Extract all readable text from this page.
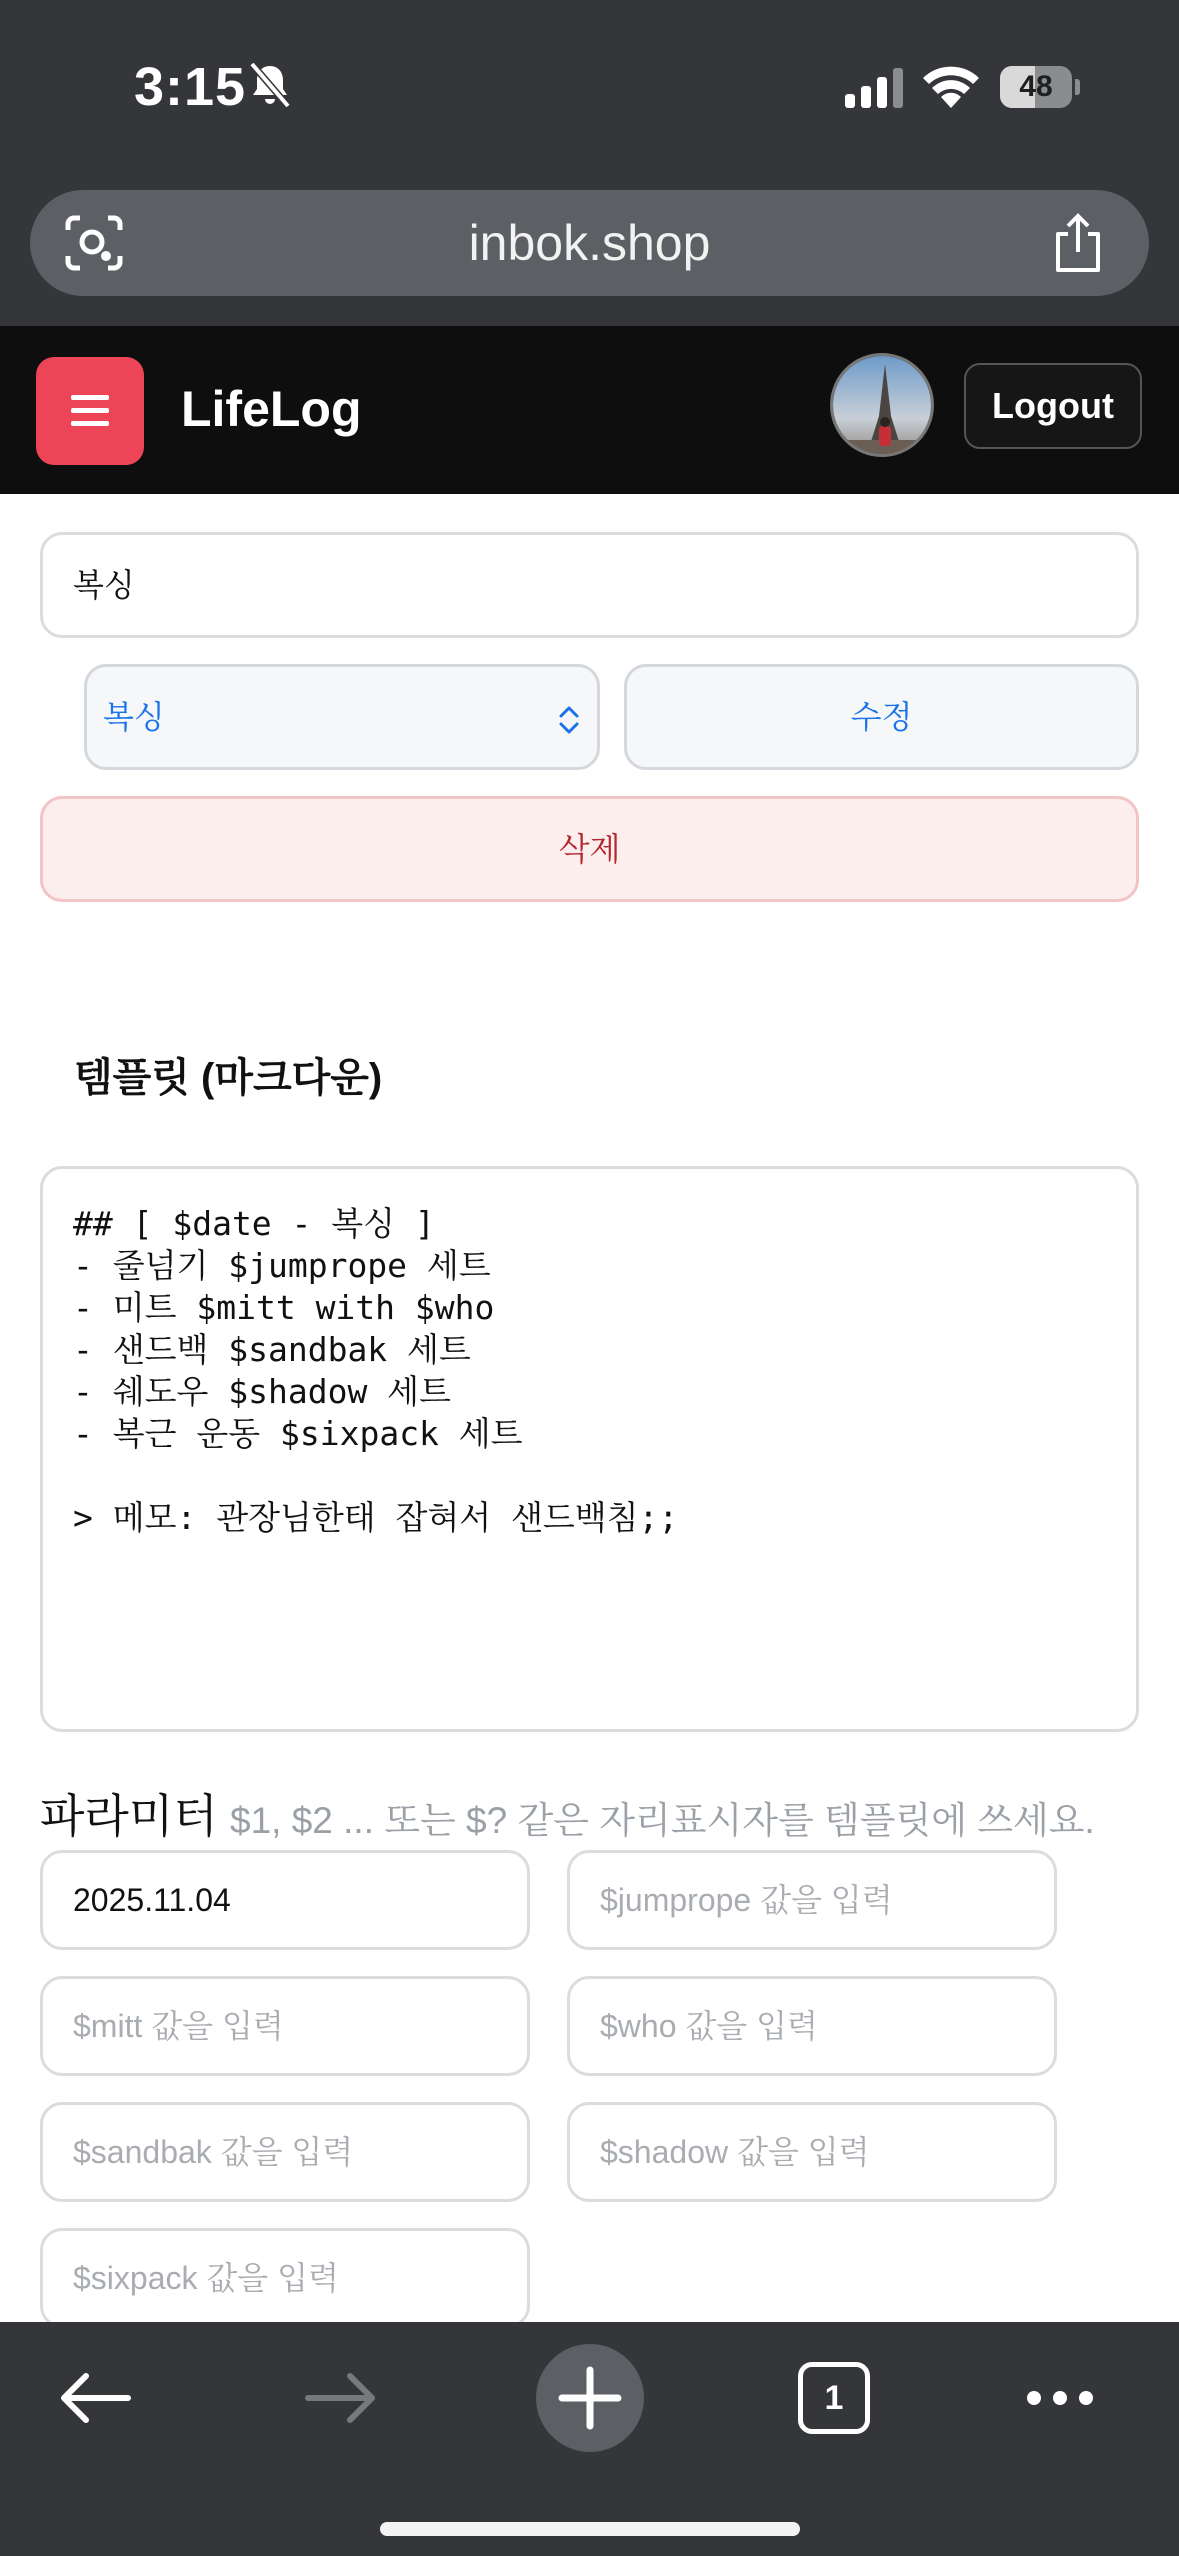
3:15	48
inbok.shop
LifeLog	Logout
복싱
복싱	수정
삭제
템플릿 (마크다운)
## [ $date - 복싱 ]
- 줄넘기 $jumprope 세트
- 미트 $mitt with $who
- 샌드백 $sandbak 세트
- 쉐도우 $shadow 세트
- 복근 운동 $sixpack 세트

> 메모: 관장님한태 잡혀서 샌드백침;;
파라미터 $1, $2 ... 또는 $? 같은 자리표시자를 템플릿에 쓰세요.
2025.11.04	$jumprope 값을 입력
$mitt 값을 입력	$who 값을 입력
$sandbak 값을 입력	$shadow 값을 입력
$sixpack 값을 입력
1
